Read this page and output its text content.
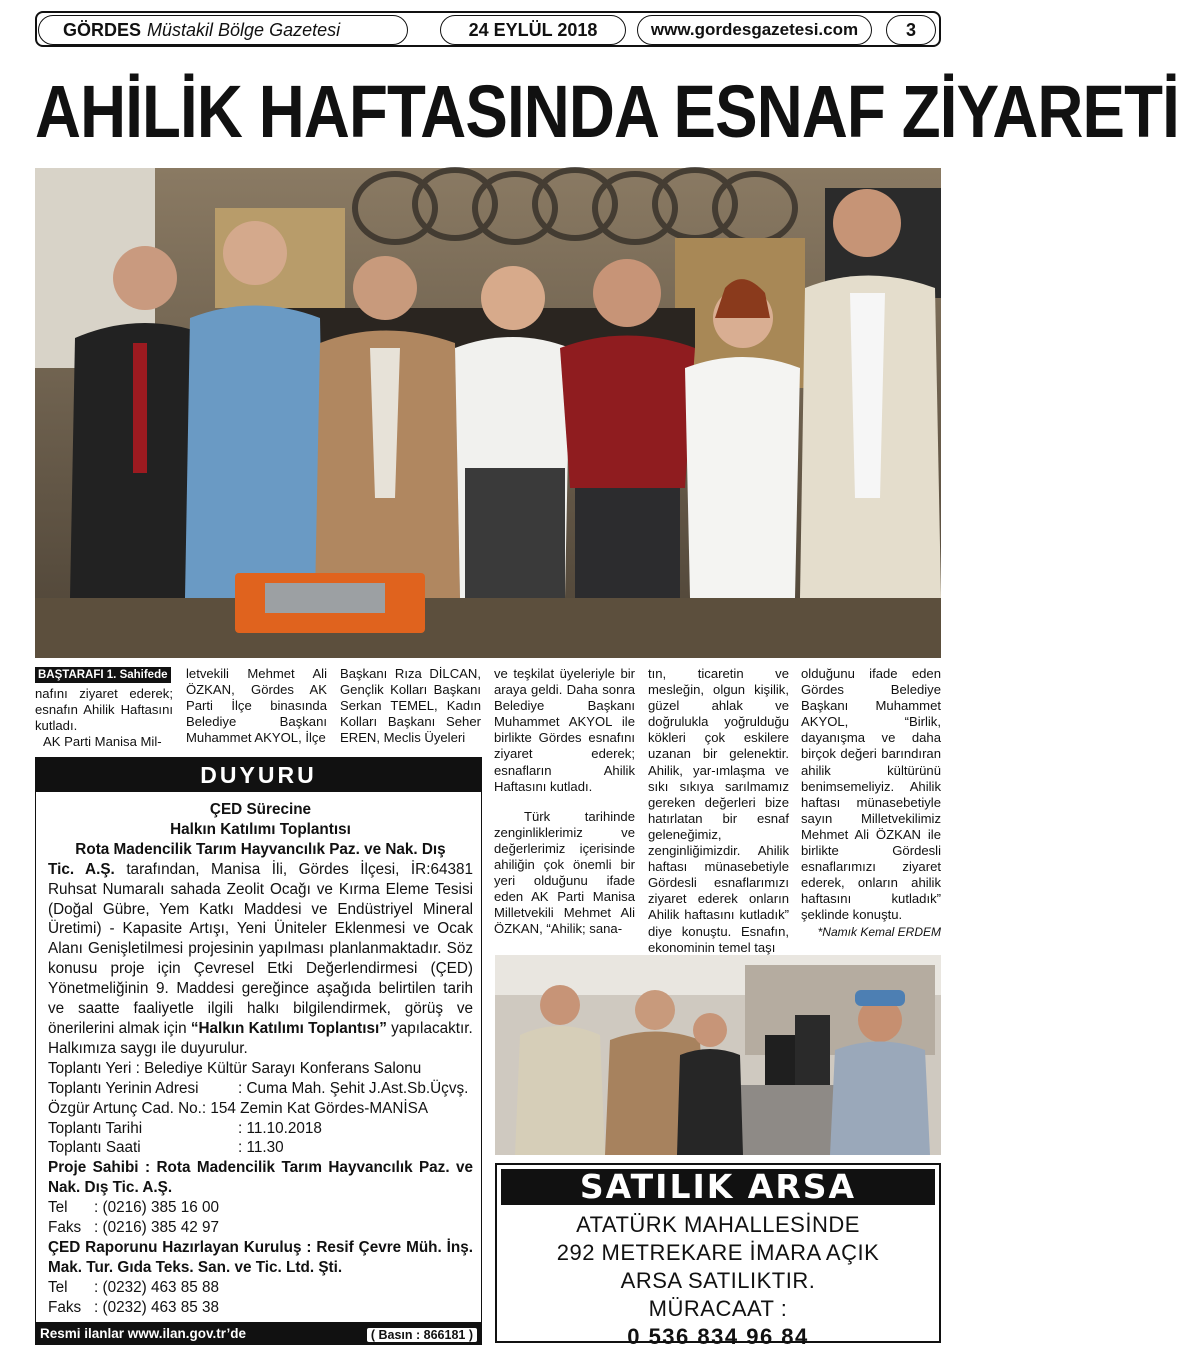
GÖRDES Müstakil Bölge Gazetesi	24 EYLÜL 2018	www.gordesgazetesi.com	3
AHİLİK HAFTASINDA ESNAF ZİYARETİ
BAŞTARAFI 1. Sahifede

nafını ziyaret ederek; esnafın Ahilik Haftasını kutladı.

AK Parti Manisa Mil-

letvekili Mehmet Ali ÖZKAN, Gördes AK Parti İlçe binasında Belediye Başkanı Muhammet AKYOL, İlçe

Başkanı Rıza DİLCAN, Gençlik Kolları Başkanı Serkan TEMEL, Kadın Kolları Başkanı Seher EREN, Meclis Üyeleri

ve teşkilat üyeleriyle bir araya geldi. Daha sonra Belediye Başkanı Muhammet AKYOL ile birlikte Gördes esnafını ziyaret ederek; esnafların Ahilik Haftasını kutladı.

Türk tarihinde zenginliklerimiz ve değerlerimiz içerisinde ahiliğin çok önemli bir yeri olduğunu ifade eden AK Parti Manisa Milletvekili Mehmet Ali ÖZKAN, “Ahilik; sana-

tın, ticaretin ve mesleğin, olgun kişilik, güzel ahlak ve doğrulukla yoğrulduğu kökleri çok eskilere uzanan bir gelenektir. Ahilik, yar-ımlaşma ve sıkı sıkıya sarılmamız gereken değerleri bize hatırlatan bir esnaf geleneğimiz, zenginliğimizdir. Ahilik haftası münasebetiyle Gördesli esnaflarımızı ziyaret ederek onların Ahilik haftasını kutladık” diye konuştu. Esnafın, ekonominin temel taşı

olduğunu ifade eden Gördes Belediye Başkanı Muhammet AKYOL, “Birlik, dayanışma ve daha birçok değeri barındıran ahilik kültürünü benimsemeliyiz. Ahilik haftası münasebetiyle sayın Milletvekilimiz Mehmet Ali ÖZKAN ile birlikte Gördesli esnaflarımızı ziyaret ederek, onların ahilik haftasını kutladık” şeklinde konuştu.

*Namık Kemal ERDEM

DUYURU

ÇED Sürecine

Halkın Katılımı Toplantısı

Rota Madencilik Tarım Hayvancılık Paz. ve Nak. Dış

Tic. A.Ş. tarafından, Manisa İli, Gördes İlçesi, İR:64381 Ruhsat Numaralı sahada Zeolit Ocağı ve Kırma Eleme Tesisi (Doğal Gübre, Yem Katkı Maddesi ve Endüstriyel Mineral Üretimi) - Kapasite Artışı, Yeni Üniteler Eklenmesi ve Ocak Alanı Genişletilmesi projesinin yapılması planlanmaktadır. Söz konusu proje için Çevresel Etki Değerlendirmesi (ÇED) Yönetmeliğinin 9. Maddesi gereğince aşağıda belirtilen tarih ve saatte faaliyetle ilgili halkı bilgilendirmek, görüş ve önerilerini almak için “Halkın Katılımı Toplantısı” yapılacaktır.

Halkımıza saygı ile duyurulur.

Toplantı Yeri : Belediye Kültür Sarayı Konferans Salonu

Toplantı Yerinin Adresi	: Cuma Mah. Şehit J.Ast.Sb.Üçvş.

Özgür Artunç Cad. No.: 154 Zemin Kat Gördes-MANİSA

Toplantı Tarihi	: 11.10.2018
Toplantı Saati	: 11.30

Proje Sahibi : Rota Madencilik Tarım Hayvancılık Paz. ve Nak. Dış Tic. A.Ş.

Tel	: (0216) 385 16 00
Faks : (0216) 385 42 97

ÇED Raporunu Hazırlayan Kuruluş : Resif Çevre Müh. İnş. Mak. Tur. Gıda Teks. San. ve Tic. Ltd. Şti.

Tel	: (0232) 463 85 88
Faks : (0232) 463 85 38
Resmi ilanlar www.ilan.gov.tr’de	( Basın : 866181 )
SATILIK ARSA

ATATÜRK MAHALLESİNDE

292 METREKARE İMARA AÇIK

ARSA SATILIKTIR.

MÜRACAAT :

0 536 834 96 84
